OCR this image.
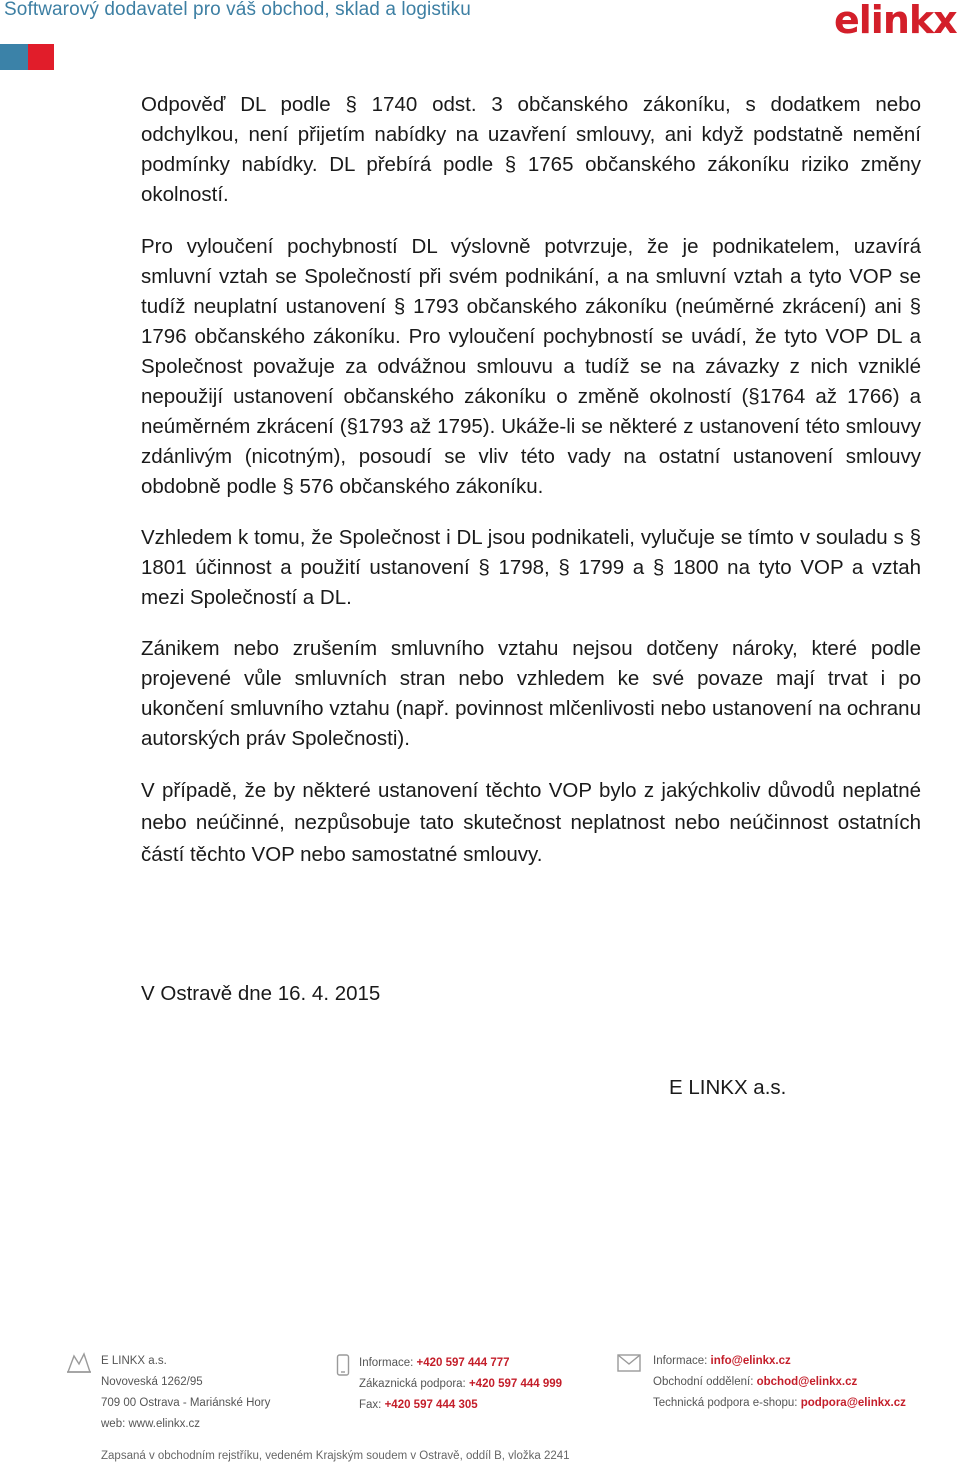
Softwarový dodavatel pro váš obchod, sklad a logistiku	elinkx

Odpověď DL podle § 1740 odst. 3 občanského zákoníku, s dodatkem nebo odchylkou, není přijetím nabídky na uzavření smlouvy, ani když podstatně nemění podmínky nabídky. DL přebírá podle § 1765 občanského zákoníku riziko změny okolností.

Pro vyloučení pochybností DL výslovně potvrzuje, že je podnikatelem, uzavírá smluvní vztah se Společností při svém podnikání, a na smluvní vztah a tyto VOP se tudíž neuplatní ustanovení § 1793 občanského zákoníku (neúměrné zkrácení) ani § 1796 občanského zákoníku. Pro vyloučení pochybností se uvádí, že tyto VOP DL a Společnost považuje za odvážnou smlouvu a tudíž se na závazky z nich vzniklé nepoužijí ustanovení občanského zákoníku o změně okolností (§1764 až 1766) a neúměrném zkrácení (§1793 až 1795). Ukáže-li se některé z ustanovení této smlouvy zdánlivým (nicotným), posoudí se vliv této vady na ostatní ustanovení smlouvy obdobně podle § 576 občanského zákoníku.

Vzhledem k tomu, že Společnost i DL jsou podnikateli, vylučuje se tímto v souladu s § 1801 účinnost a použití ustanovení § 1798, § 1799 a § 1800 na tyto VOP a vztah mezi Společností a DL.

Zánikem nebo zrušením smluvního vztahu nejsou dotčeny nároky, které podle projevené vůle smluvních stran nebo vzhledem ke své povaze mají trvat i po ukončení smluvního vztahu (např. povinnost mlčenlivosti nebo ustanovení na ochranu autorských práv Společnosti).

V případě, že by některé ustanovení těchto VOP bylo z jakýchkoliv důvodů neplatné nebo neúčinné, nezpůsobuje tato skutečnost neplatnost nebo neúčinnost ostatních částí těchto VOP nebo samostatné smlouvy.

V Ostravě dne 16. 4. 2015
E LINKX a.s.
E LINKX a.s.
Novoveská 1262/95
709 00 Ostrava - Mariánské Hory
web: www.elinkx.cz
Informace: +420 597 444 777
Zákaznická podpora: +420 597 444 999
Fax: +420 597 444 305
Informace: info@elinkx.cz
Obchodní oddělení: obchod@elinkx.cz
Technická podpora e-shopu: podpora@elinkx.cz
Zapsaná v obchodním rejstříku, vedeném Krajským soudem v Ostravě, oddíl B, vložka 2241
